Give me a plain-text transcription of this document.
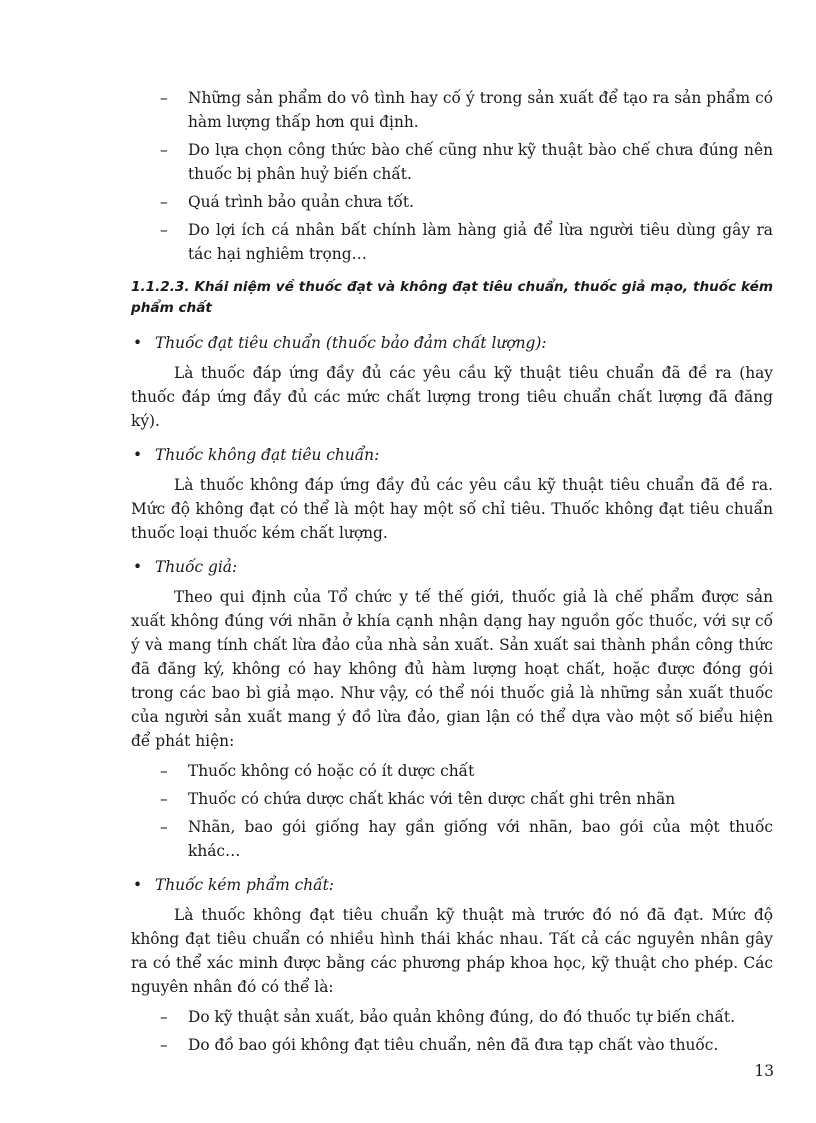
– Những sản phẩm do vô tình hay cố ý trong sản xuất để tạo ra sản phẩm có hàm lượng thấp hơn qui định.
– Do lựa chọn công thức bào chế cũng như kỹ thuật bào chế chưa đúng nên thuốc bị phân huỷ biến chất.
– Quá trình bảo quản chưa tốt.
– Do lợi ích cá nhân bất chính làm hàng giả để lừa người tiêu dùng gây ra tác hại nghiêm trọng…
1.1.2.3. Khái niệm về thuốc đạt và không đạt tiêu chuẩn, thuốc giả mạo, thuốc kém phẩm chất
• Thuốc đạt tiêu chuẩn (thuốc bảo đảm chất lượng):

Là thuốc đáp ứng đầy đủ các yêu cầu kỹ thuật tiêu chuẩn đã đề ra (hay thuốc đáp ứng đầy đủ các mức chất lượng trong tiêu chuẩn chất lượng đã đăng ký).

• Thuốc không đạt tiêu chuẩn:

Là thuốc không đáp ứng đầy đủ các yêu cầu kỹ thuật tiêu chuẩn đã đề ra. Mức độ không đạt có thể là một hay một số chỉ tiêu. Thuốc không đạt tiêu chuẩn thuốc loại thuốc kém chất lượng.

• Thuốc giả:

Theo qui định của Tổ chức y tế thế giới, thuốc giả là chế phẩm được sản xuất không đúng với nhãn ở khía cạnh nhận dạng hay nguồn gốc thuốc, với sự cố ý và mang tính chất lừa đảo của nhà sản xuất. Sản xuất sai thành phần công thức đã đăng ký, không có hay không đủ hàm lượng hoạt chất, hoặc được đóng gói trong các bao bì giả mạo. Như vậy, có thể nói thuốc giả là những sản xuất thuốc của người sản xuất mang ý đồ lừa đảo, gian lận có thể dựa vào một số biểu hiện để phát hiện:

– Thuốc không có hoặc có ít dược chất
– Thuốc có chứa dược chất khác với tên dược chất ghi trên nhãn
– Nhãn, bao gói giống hay gần giống với nhãn, bao gói của một thuốc khác…
• Thuốc kém phẩm chất:

Là thuốc không đạt tiêu chuẩn kỹ thuật mà trước đó nó đã đạt. Mức độ không đạt tiêu chuẩn có nhiều hình thái khác nhau. Tất cả các nguyên nhân gây ra có thể xác minh được bằng các phương pháp khoa học, kỹ thuật cho phép. Các nguyên nhân đó có thể là:

– Do kỹ thuật sản xuất, bảo quản không đúng, do đó thuốc tự biến chất.
– Do đồ bao gói không đạt tiêu chuẩn, nên đã đưa tạp chất vào thuốc.
13
